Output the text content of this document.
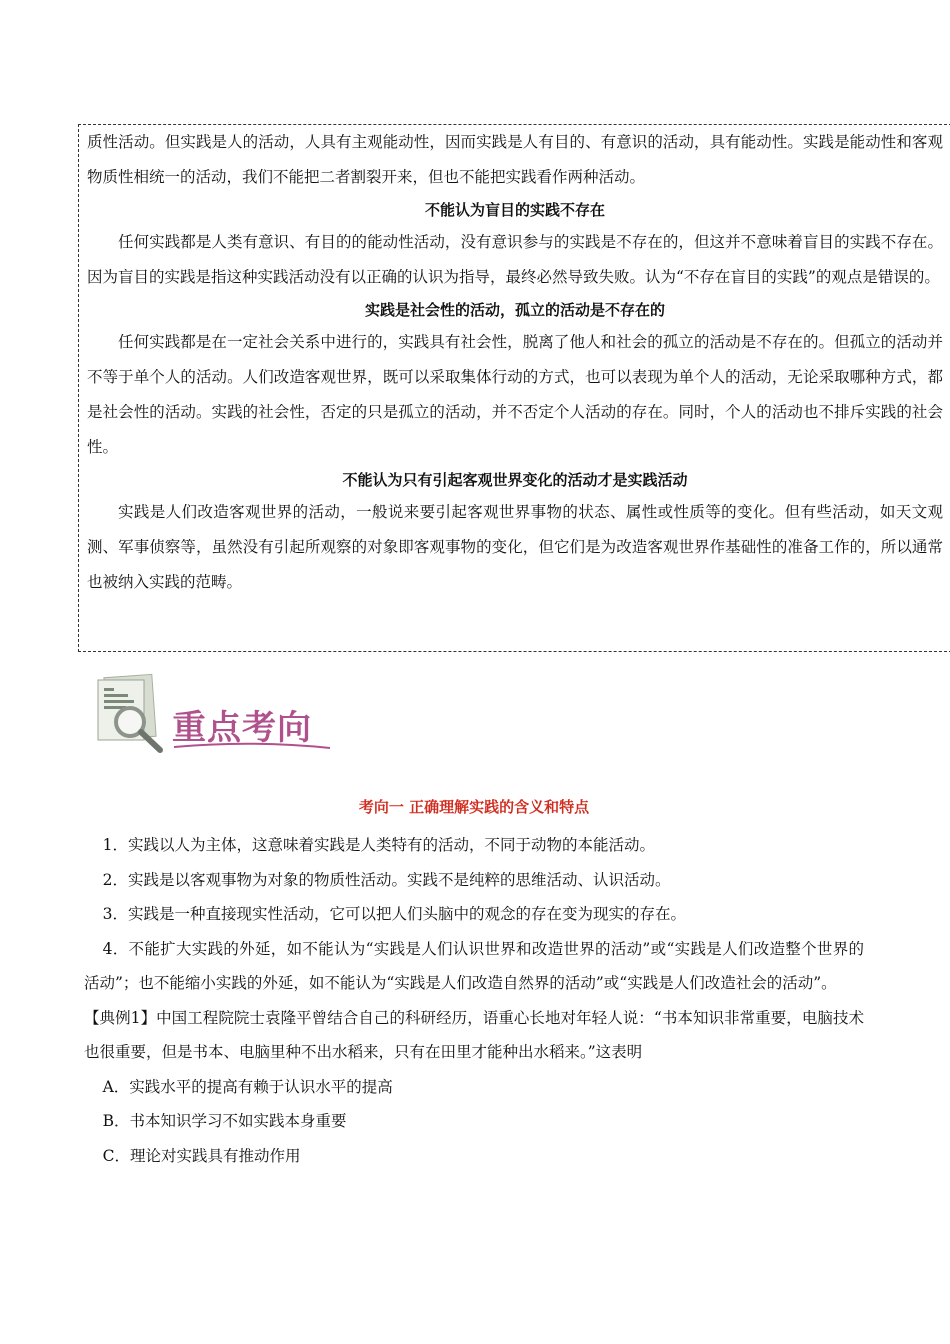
质性活动。但实践是人的活动，人具有主观能动性，因而实践是人有目的、有意识的活动，具有能动性。实践是能动性和客观物质性相统一的活动，我们不能把二者割裂开来，但也不能把实践看作两种活动。

不能认为盲目的实践不存在

任何实践都是人类有意识、有目的的能动性活动，没有意识参与的实践是不存在的，但这并不意味着盲目的实践不存在。因为盲目的实践是指这种实践活动没有以正确的认识为指导，最终必然导致失败。认为“不存在盲目的实践”的观点是错误的。

实践是社会性的活动，孤立的活动是不存在的

任何实践都是在一定社会关系中进行的，实践具有社会性，脱离了他人和社会的孤立的活动是不存在的。但孤立的活动并不等于单个人的活动。人们改造客观世界，既可以采取集体行动的方式，也可以表现为单个人的活动，无论采取哪种方式，都是社会性的活动。实践的社会性，否定的只是孤立的活动，并不否定个人活动的存在。同时，个人的活动也不排斥实践的社会性。

不能认为只有引起客观世界变化的活动才是实践活动

实践是人们改造客观世界的活动，一般说来要引起客观世界事物的状态、属性或性质等的变化。但有些活动，如天文观测、军事侦察等，虽然没有引起所观察的对象即客观事物的变化，但它们是为改造客观世界作基础性的准备工作的，所以通常也被纳入实践的范畴。

重点考向
考向一 正确理解实践的含义和特点

1．实践以人为主体，这意味着实践是人类特有的活动，不同于动物的本能活动。

2．实践是以客观事物为对象的物质性活动。实践不是纯粹的思维活动、认识活动。

3．实践是一种直接现实性活动，它可以把人们头脑中的观念的存在变为现实的存在。

4．不能扩大实践的外延，如不能认为“实践是人们认识世界和改造世界的活动”或“实践是人们改造整个世界的活动”；也不能缩小实践的外延，如不能认为“实践是人们改造自然界的活动”或“实践是人们改造社会的活动”。

【典例1】中国工程院院士袁隆平曾结合自己的科研经历，语重心长地对年轻人说：“书本知识非常重要，电脑技术也很重要，但是书本、电脑里种不出水稻来，只有在田里才能种出水稻来。”这表明

A．实践水平的提高有赖于认识水平的提高

B．书本知识学习不如实践本身重要

C．理论对实践具有推动作用
